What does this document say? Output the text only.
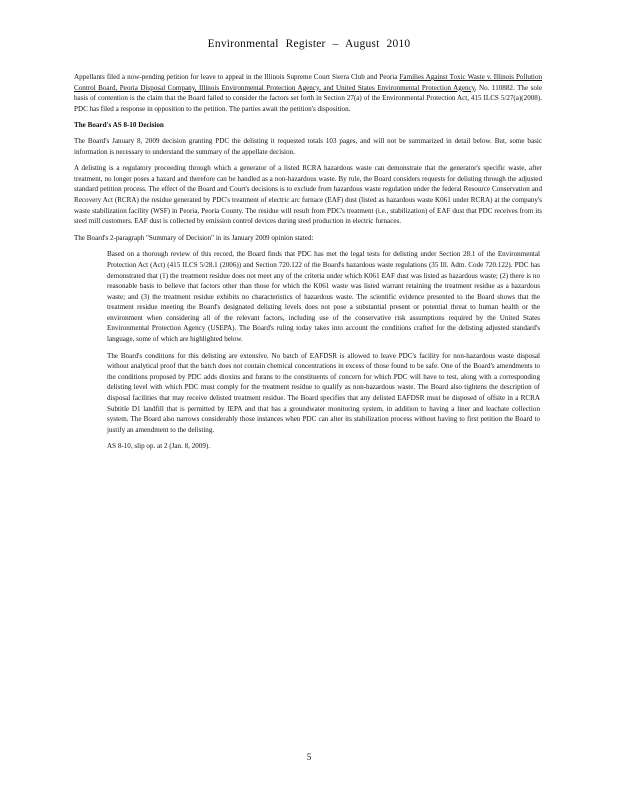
Environmental Register – August 2010

Appellants filed a now-pending petition for leave to appeal in the Illinois Supreme Court Sierra Club and Peoria Families Against Toxic Waste v. Illinois Pollution Control Board, Peoria Disposal Company, Illinois Environmental Protection Agency, and United States Environmental Protection Agency, No. 110882. The sole basis of contention is the claim that the Board failed to consider the factors set forth in Section 27(a) of the Environmental Protection Act, 415 ILCS 5/27(a)(2008). PDC has filed a response in opposition to the petition. The parties await the petition's disposition.

The Board's AS 8-10 Decision

The Board's January 8, 2009 decision granting PDC the delisting it requested totals 103 pages, and will not be summarized in detail below. But, some basic information is necessary to understand the summary of the appellate decision.

A delisting is a regulatory proceeding through which a generator of a listed RCRA hazardous waste can demonstrate that the generator's specific waste, after treatment, no longer poses a hazard and therefore can be handled as a non-hazardous waste. By rule, the Board considers requests for delisting through the adjusted standard petition process. The effect of the Board and Court's decisions is to exclude from hazardous waste regulation under the federal Resource Conservation and Recovery Act (RCRA) the residue generated by PDC's treatment of electric arc furnace (EAF) dust (listed as hazardous waste K061 under RCRA) at the company's waste stabilization facility (WSF) in Peoria, Peoria County. The residue will result from PDC's treatment (i.e., stabilization) of EAF dust that PDC receives from its steel mill customers. EAF dust is collected by emission control devices during steel production in electric furnaces.

The Board's 2-paragraph "Summary of Decision" in its January 2009 opinion stated:

Based on a thorough review of this record, the Board finds that PDC has met the legal tests for delisting under Section 28.1 of the Environmental Protection Act (Act) (415 ILCS 5/28.1 (2006)) and Section 720.122 of the Board's hazardous waste regulations (35 Ill. Adm. Code 720.122). PDC has demonstrated that (1) the treatment residue does not meet any of the criteria under which K061 EAF dust was listed as hazardous waste; (2) there is no reasonable basis to believe that factors other than those for which the K061 waste was listed warrant retaining the treatment residue as a hazardous waste; and (3) the treatment residue exhibits no characteristics of hazardous waste. The scientific evidence presented to the Board shows that the treatment residue meeting the Board's designated delisting levels does not pose a substantial present or potential threat to human health or the environment when considering all of the relevant factors, including use of the conservative risk assumptions required by the United States Environmental Protection Agency (USEPA). The Board's ruling today takes into account the conditions crafted for the delisting adjusted standard's language, some of which are highlighted below.

The Board's conditions for this delisting are extensive. No batch of EAFDSR is allowed to leave PDC's facility for non-hazardous waste disposal without analytical proof that the batch does not contain chemical concentrations in excess of those found to be safe. One of the Board's amendments to the conditions proposed by PDC adds dioxins and furans to the constituents of concern for which PDC will have to test, along with a corresponding delisting level with which PDC must comply for the treatment residue to qualify as non-hazardous waste. The Board also tightens the description of disposal facilities that may receive delisted treatment residue. The Board specifies that any delisted EAFDSR must be disposed of offsite in a RCRA Subtitle D1 landfill that is permitted by IEPA and that has a groundwater monitoring system, in addition to having a liner and leachate collection system. The Board also narrows considerably those instances when PDC can alter its stabilization process without having to first petition the Board to justify an amendment to the delisting.

AS 8-10, slip op. at 2 (Jan. 8, 2009).

5
